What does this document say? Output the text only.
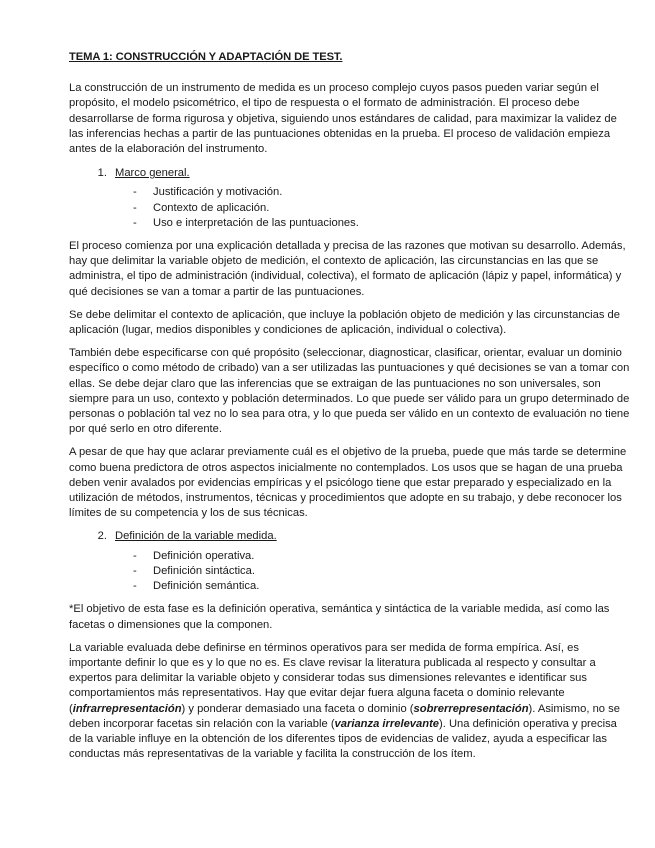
TEMA 1: CONSTRUCCIÓN Y ADAPTACIÓN DE TEST.

La construcción de un instrumento de medida es un proceso complejo cuyos pasos pueden variar según el propósito, el modelo psicométrico, el tipo de respuesta o el formato de administración. El proceso debe desarrollarse de forma rigurosa y objetiva, siguiendo unos estándares de calidad, para maximizar la validez de las inferencias hechas a partir de las puntuaciones obtenidas en la prueba. El proceso de validación empieza antes de la elaboración del instrumento.

1. Marco general.
-	Justificación y motivación.
-	Contexto de aplicación.
-	Uso e interpretación de las puntuaciones.

El proceso comienza por una explicación detallada y precisa de las razones que motivan su desarrollo. Además, hay que delimitar la variable objeto de medición, el contexto de aplicación, las circunstancias en las que se administra, el tipo de administración (individual, colectiva), el formato de aplicación (lápiz y papel, informática) y qué decisiones se van a tomar a partir de las puntuaciones.

Se debe delimitar el contexto de aplicación, que incluye la población objeto de medición y las circunstancias de aplicación (lugar, medios disponibles y condiciones de aplicación, individual o colectiva).

También debe especificarse con qué propósito (seleccionar, diagnosticar, clasificar, orientar, evaluar un dominio específico o como método de cribado) van a ser utilizadas las puntuaciones y qué decisiones se van a tomar con ellas. Se debe dejar claro que las inferencias que se extraigan de las puntuaciones no son universales, son siempre para un uso, contexto y población determinados. Lo que puede ser válido para un grupo determinado de personas o población tal vez no lo sea para otra, y lo que pueda ser válido en un contexto de evaluación no tiene por qué serlo en otro diferente.

A pesar de que hay que aclarar previamente cuál es el objetivo de la prueba, puede que más tarde se determine como buena predictora de otros aspectos inicialmente no contemplados. Los usos que se hagan de una prueba deben venir avalados por evidencias empíricas y el psicólogo tiene que estar preparado y especializado en la utilización de métodos, instrumentos, técnicas y procedimientos que adopte en su trabajo, y debe reconocer los límites de su competencia y los de sus técnicas.

2. Definición de la variable medida.
-	Definición operativa.
-	Definición sintáctica.
-	Definición semántica.

*El objetivo de esta fase es la definición operativa, semántica y sintáctica de la variable medida, así como las facetas o dimensiones que la componen.

La variable evaluada debe definirse en términos operativos para ser medida de forma empírica. Así, es importante definir lo que es y lo que no es. Es clave revisar la literatura publicada al respecto y consultar a expertos para delimitar la variable objeto y considerar todas sus dimensiones relevantes e identificar sus comportamientos más representativos. Hay que evitar dejar fuera alguna faceta o dominio relevante (infrarrepresentación) y ponderar demasiado una faceta o dominio (sobrerrepresentación). Asimismo, no se deben incorporar facetas sin relación con la variable (varianza irrelevante). Una definición operativa y precisa de la variable influye en la obtención de los diferentes tipos de evidencias de validez, ayuda a especificar las conductas más representativas de la variable y facilita la construcción de los ítem.
